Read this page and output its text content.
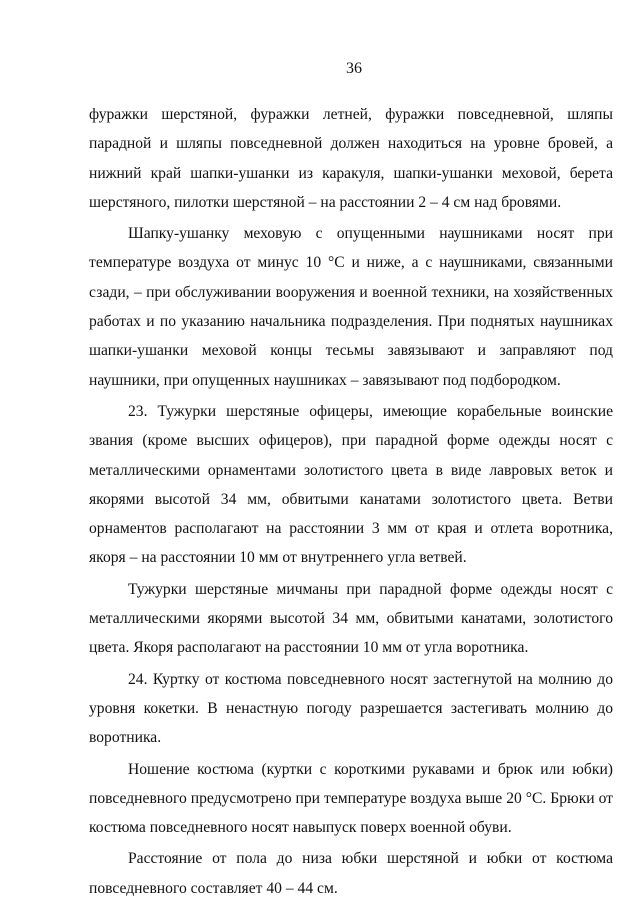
36

фуражки шерстяной, фуражки летней, фуражки повседневной, шляпы парадной и шляпы повседневной должен находиться на уровне бровей, а нижний край шапки-ушанки из каракуля, шапки-ушанки меховой, берета шерстяного, пилотки шерстяной – на расстоянии 2 – 4 см над бровями.

Шапку-ушанку меховую с опущенными наушниками носят при температуре воздуха от минус 10 °С и ниже, а с наушниками, связанными сзади, – при обслуживании вооружения и военной техники, на хозяйственных работах и по указанию начальника подразделения. При поднятых наушниках шапки-ушанки меховой концы тесьмы завязывают и заправляют под наушники, при опущенных наушниках – завязывают под подбородком.

23. Тужурки шерстяные офицеры, имеющие корабельные воинские звания (кроме высших офицеров), при парадной форме одежды носят с металлическими орнаментами золотистого цвета в виде лавровых веток и якорями высотой 34 мм, обвитыми канатами золотистого цвета. Ветви орнаментов располагают на расстоянии 3 мм от края и отлета воротника, якоря – на расстоянии 10 мм от внутреннего угла ветвей.

Тужурки шерстяные мичманы при парадной форме одежды носят с металлическими якорями высотой 34 мм, обвитыми канатами, золотистого цвета. Якоря располагают на расстоянии 10 мм от угла воротника.

24. Куртку от костюма повседневного носят застегнутой на молнию до уровня кокетки. В ненастную погоду разрешается застегивать молнию до воротника.

Ношение костюма (куртки с короткими рукавами и брюк или юбки) повседневного предусмотрено при температуре воздуха выше 20 °С. Брюки от костюма повседневного носят навыпуск поверх военной обуви.

Расстояние от пола до низа юбки шерстяной и юбки от костюма повседневного составляет 40 – 44 см.
